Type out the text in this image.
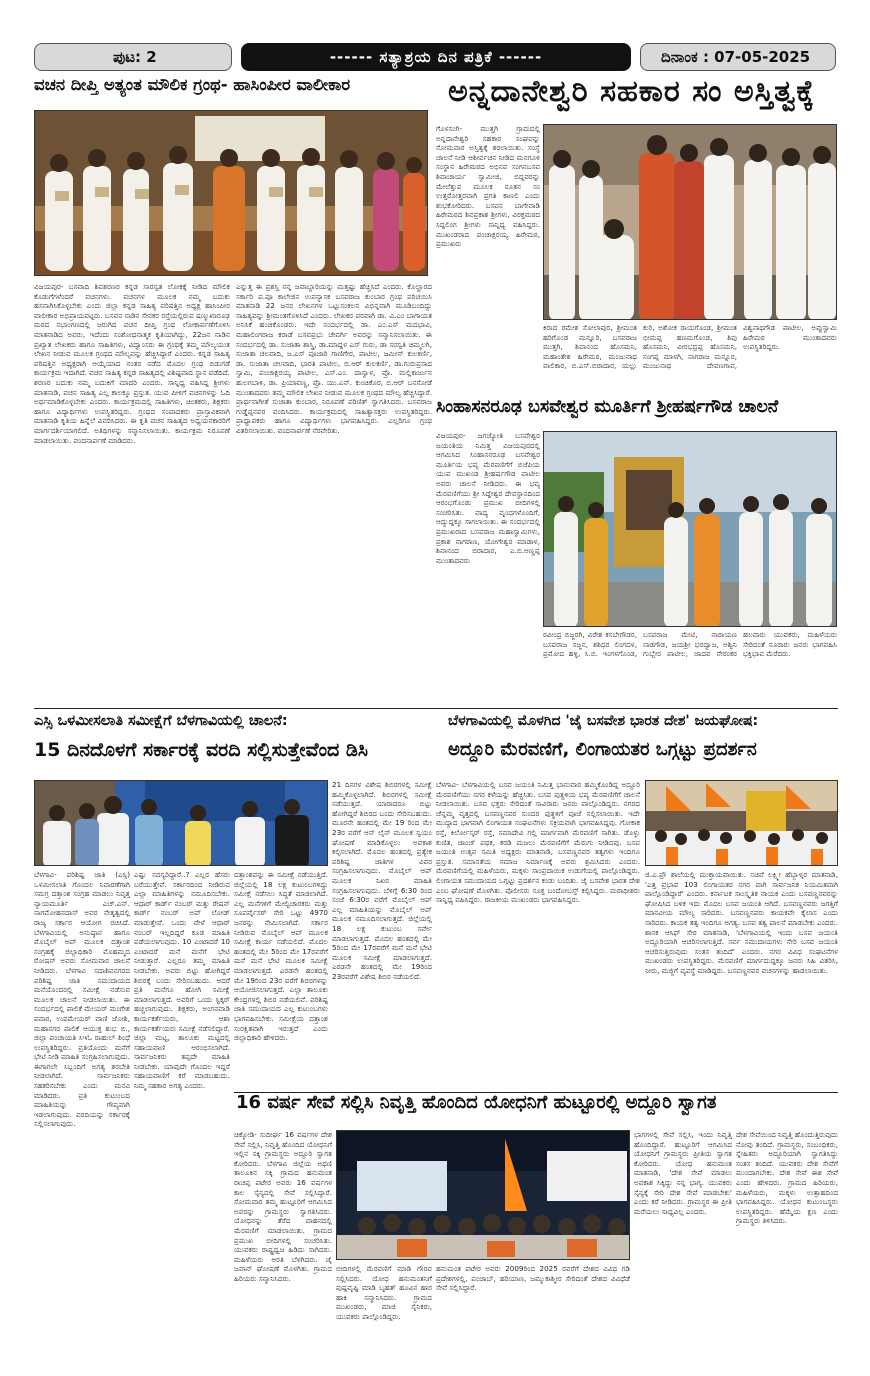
ಪುಟ: 2	------ ಸತ್ಯಾಶ್ರಯ ದಿನ ಪತ್ರಿಕೆ ------	ದಿನಾಂಕ : 07-05-2025
ವಚನ ದೀಪ್ತಿ ಅತ್ಯಂತ ಮೌಲಿಕ ಗ್ರಂಥ- ಹಾಸಿಂಪೀರ ವಾಲೀಕಾರ
ವಿಜಯಪುರ- ಬಸವಾದಿ ಶಿವಶರಣರ ಕನ್ನಡ ಸಾರಸ್ವತ ಲೋಕಕ್ಕೆ ನೀಡಿದ ಮೌಲಿಕ ಕೊಡುಗೆಗಳೆಂದರೆ ವಚನಗಳು. ವಚನಗಳ ಮೂಲಕ ನಮ್ಮ ಬದುಕು ಹಸನಾಗಿಸಿಕೊಳ್ಳಬೇಕು ಎಂದು ಜಿಲ್ಲಾ ಕನ್ನಡ ಸಾಹಿತ್ಯ ಪರಿಷತ್ತಿನ ಅಧ್ಯಕ್ಷ ಹಾಸಿಂಪೀರ ವಾಲೀಕಾರ ಅಭಿಪ್ರಾಯಪಟ್ಟರು. ಬಸವನ ನಾಡಿನ ಸೇನಕರ ರಸ್ತೆಯಲ್ಲಿರುವ ಷಣ್ಮುಖಾರೂಢ ಮಠದ ಸಭಾಂಗಣದಲ್ಲಿ ಜರುಗಿದ ವಚನ ದೀಪ್ತಿ ಗ್ರಂಥ ಲೋಕಾರ್ಪಣೆಗೊಳಿಸಿ ಮಾತನಾಡಿದ ಅವರು, ಇದೆಂದು ಸಂಶೋಧನಾತ್ಮಕ ಕೃತಿಯಾಗಿದ್ದು, 22ಜನ ನಾಡಿನ ಪ್ರಖ್ಯಾತ ಲೇಖಕರು ಹಾಗೂ ಸಾಹಿತಿಗಳು, ವಿದ್ವಾಂಸರು ಈ ಗ್ರಂಥಕ್ಕೆ ತಮ್ಮ ಮೌಲ್ಯಯುತ ಲೇಖನ ನೀಡುವ ಮೂಲಕ ಗ್ರಂಥದ ಮೌಲ್ಯವನ್ನು ಹೆಚ್ಚಿಸಿದ್ದಾರೆ ಎಂದರು. ಕನ್ನಡ ಸಾಹಿತ್ಯ ಪರಿಷತ್ತಿನ ಅಧ್ಯಕ್ಷರಾಗಿ ಆಯ್ಕೆಯಾದ ನಂತರ ನಡೆದ ಮೊದಲ ಗ್ರಂಥ ಬಿಡುಗಡೆ ಕಾರ್ಯಕ್ರಮ ಇದಾಗಿದೆ. ವಚನ ಸಾಹಿತ್ಯ ಕನ್ನಡ ಸಾಹಿತ್ಯದಲ್ಲಿ ವಿಶಿಷ್ಟವಾದ ಸ್ಥಾನ ಪಡೆದಿದೆ. ಶರಣರ ಬದುಕು ನಮ್ಮ ಬದುಕಿಗೆ ಮಾದರಿ ಎಂದರು. ಸಾನ್ನಿಧ್ಯ ವಹಿಸಿದ್ದ ಶ್ರೀಗಳು ಮಾತನಾಡಿ, ವಚನ ಸಾಹಿತ್ಯ ಎಲ್ಲ ಕಾಲಕ್ಕೂ ಪ್ರಸ್ತುತ. ಯುವ ಪೀಳಿಗೆ ವಚನಗಳನ್ನು ಓದಿ ಅರ್ಥಮಾಡಿಕೊಳ್ಳಬೇಕು ಎಂದರು. ಕಾರ್ಯಕ್ರಮದಲ್ಲಿ ಸಾಹಿತಿಗಳು, ಚಿಂತಕರು, ಶಿಕ್ಷಕರು ಹಾಗೂ ವಿದ್ಯಾರ್ಥಿಗಳು ಉಪಸ್ಥಿತರಿದ್ದರು. ಗ್ರಂಥದ ಸಂಪಾದಕರು ಪ್ರಾಸ್ತಾವಿಕವಾಗಿ ಮಾತನಾಡಿ ಕೃತಿಯ ಹಿನ್ನೆಲೆ ವಿವರಿಸಿದರು. ಈ ಕೃತಿ ವಚನ ಸಾಹಿತ್ಯದ ಅಧ್ಯಯನಕಾರರಿಗೆ ಮಾರ್ಗದರ್ಶಿಯಾಗಲಿದೆ. ಅತಿಥಿಗಳನ್ನು ಸನ್ಮಾನಿಸಲಾಯಿತು. ಕಾರ್ಯಕ್ರಮ ನಿರೂಪಣೆ ಮಾಡಲಾಯಿತು. ವಂದನಾರ್ಪಣೆ ಮಾಡಿದರು.
ಎನ್ನುತ್ತ ಈ ಪ್ರಶಸ್ತಿ ನನ್ನ ಜವಾಬ್ದಾರಿಯನ್ನು ಮತ್ತಷ್ಟು ಹೆಚ್ಚಿಸಿದೆ ಎಂದರು. ಕೊಲ್ಹಾರದ ಸರ್ಕಾರಿ ಪ.ಪೂ ಕಾಲೇಜಿನ ಉಪನ್ಯಾಸಕ ಬಸವರಾಜ ಕುಂಬಾರ ಗ್ರಂಥ ಪರಿಚಯಿಸಿ ಮಾತನಾಡಿ 22 ಜನರ ಲೇಖನಗಳ ಒಟ್ಟುಸಂಕಲನ ವಿಭಿನ್ನವಾಗಿ ಮೂಡಿಬಂದಿದ್ದು ಸಾಹಿತ್ಯವನ್ನು ಶ್ರೀಮಂತಗೊಳಿಸಿದೆ ಎಂದರು. ಲೇಖಕರ ಪರವಾಗಿ ಡಾ. ವಿ.ಎಂ ಬಾಗಾಯತ ಅನಿಸಿಕೆ ಹಂಚಿಕೊಂಡರು. ಇದೇ ಸಂದರ್ಭದಲ್ಲಿ ಡಾ. ಎಂ.ಎಸ್ ಮದಭಾವಿ, ಮಹಾಲಿಂಗರಾಜ ಕರಾಡೆ ಬಸವಪ್ರಭು ಜೇವರ್ಗಿ ಅವರನ್ನು ಸನ್ಮಾನಿಸಲಾಯಿತು. ಈ ಸಂದರ್ಭದಲ್ಲಿ ಡಾ. ಸುಜಾತಾ ಶಾಸ್ತ್ರಿ, ಡಾ.ಮಾದ್ದಳ ಎಸ್ ಗುರು, ಡಾ ಸರಸ್ವತಿ ಚಿಮ್ಮಲಗಿ, ಸುಜಾತಾ ಚಲವಾದಿ, ಜ.ಎಸ್ ಪೂಜಾರಿ ಗಾಣಿಗೇರ, ಪಾಟೀಲ, ಜಮೀನ್ ಕುಲಕರ್ಣಿ, ಡಾ. ಸುಜಾತಾ ಚಲವಾದಿ, ಭಾರತಿ ಪಾಟೀಲ, ಬಿ.ಆರ್ ಕುಲಕರ್ಣಿ, ಡಾ.ಗುರುಪ್ರಸಾದ ಸ್ವಾಮಿ, ಪಂಚಾಕ್ಷರಯ್ಯ ಪಾಟೀಲ, ಎಸ್.ಎಂ. ದಾಸ್ವಾಳ, ಪ್ರೊ. ಮಲ್ಲಿಕಾರ್ಜುನ ಹುಲಗಬಾಳಿ, ಡಾ. ಪ್ರಿಯಾವಣ್ಣ, ಪ್ರೊ. ಯು.ಎನ್. ಕುಂಚಿಕೊರ, ಬಿ.ಆರ್ ಬನಸೋಡೆ ಮುಂತಾದವರು ತಮ್ಮ ಮೌಲಿಕ ಲೇಖನ ನೀಡುವ ಮೂಲಕ ಗ್ರಂಥದ ಮೌಲ್ಯ ಹೆಚ್ಚಿಸಿದ್ದಾರೆ. ಪ್ರಾರ್ಥನಾಗೀತೆ ಸುಜಾತಾ ಕುಂಬಾರ, ನಿರೂಪಣೆ ಪರಿಣಿತ್ ಸ್ವಾಗತಿಸಿದರು. ಬಸವರಾಜ ಗುಡ್ಡೆಪ್ಪನವರ ವಂದಿಸಿದರು. ಕಾರ್ಯಕ್ರಮದಲ್ಲಿ ಸಾಹಿತ್ಯಾಸಕ್ತರು ಉಪಸ್ಥಿತರಿದ್ದರು. ಪ್ರಾಧ್ಯಾಪಕರು ಹಾಗೂ ವಿದ್ಯಾರ್ಥಿಗಳು ಭಾಗವಹಿಸಿದ್ದರು. ಎಲ್ಲರಿಗೂ ಗ್ರಂಥ ವಿತರಿಸಲಾಯಿತು. ವಂದನಾರ್ಪಣೆ ನೆರವೇರಿತು.
ಅನ್ನದಾನೇಶ್ವರಿ ಸಹಕಾರ ಸಂ ಅಸ್ತಿತ್ವಕ್ಕೆ
ಗೊಳಸಂಗಿ- ಮುತ್ತಗಿ ಗ್ರಾಮದಲ್ಲಿ ಅನ್ನದಾನೇಶ್ವರಿ ಸಹಕಾರ ಸಂಘವನ್ನು ಸೋಮವಾರ ಅಸ್ತಿತ್ವಕ್ಕೆ ತರಲಾಯಿತು. ಸಂಸ್ಥೆ ಚಾಲನೆ ನೀಡಿ ಆಶೀರ್ವಚನ ನೀಡಿದ ಮನಗೂಳಿ ಸಂಸ್ಥಾನ ಹಿರೇಮಠದ ಅಭಿನವ ಸಂಗನಬಸವ ಶಿವಾಚಾರ್ಯ ಸ್ವಾಮೀಜಿ, ಬಿದ್ದವರನ್ನು ಮೇಲೆತ್ತುವ ಮೂಲಕ ನೂತನ ಸಂ ಉತ್ತರೋತ್ತರವಾಗಿ ಪ್ರಗತಿ ಕಾಣಲಿ ಎಂದು ಶುಭಕೋರಿದರು. ಬಸವನ ಬಾಗೇವಾಡಿ ಹಿರೇಮಠದ ಶಿವಪ್ರಕಾಶ ಶ್ರೀಗಳು, ವಿರಕ್ತಮಠದ ಸಿದ್ದಲಿಂಗ ಶ್ರೀಗಳು ಸಾನ್ನಿಧ್ಯ ವಹಿಸಿದ್ದರು. ಮುಖಂಡರಾದ ಪಂಚಾಕ್ಷರಯ್ಯ ಹಿರೇಮಠ, ಪ್ರಮುಖರು
ಕಿರಾದ ರಮೇಶ ಸೋಲಾಪುರ, ಶ್ರೀಮಂತ ಹರಿಗೊಂಡ ಮನ್ನೂರಿ, ಬಸವರಾಜ ಮುತ್ತಗಿ, ಶಿವಾನಂದ ಹೊಸಮನಿ, ಮಹಾಂತೇಶ ಹಿರೇಮಠ, ಮಂಜುನಾಥ ವಾಲಿಕಾರ, ಬಿ.ಎಸ್.ಬಿರಾದಾರ, ಯಲ್ಲು ಕುರಿ, ಅಶೋಕ ರಾಯಗೊಂಡ, ಶ್ರೀಮಂತ ಭೀಮಪ್ಪ ಹಣಮಗೊಂಡ, ಶಿವು ಹೊಸಮನಿ, ವೀರಭದ್ರಪ್ಪ ಹೊಸಮನಿ, ಸಂಗಪ್ಪ ಮಾಳಗಿ, ನಾಗರಾಜ ಮನ್ನೂರ, ಮಂಜುನಾಥ ದೇವಣಗಾವ, ವಿಶ್ವನಾಥಗೌಡ ಪಾಟೀಲ, ಅಪ್ಪುಸ್ವಾಮಿ ಹಿರೇಮಠ ಮುಂತಾದವರು ಉಪಸ್ಥಿತರಿದ್ದರು.
ಸಿಂಹಾಸನರೂಢ ಬಸವೇಶ್ವರ ಮೂರ್ತಿಗೆ ಶ್ರೀಹರ್ಷಗೌಡ ಚಾಲನೆ
ವಿಜಯಪುರ- ಜಗಜ್ಯೋತಿ ಬಸವೇಶ್ವರ ಜಯಂತಿಯ ನಿಮಿತ್ತ ವಿಜಯಪುರದಲ್ಲಿ ಆಗಮಿಸಿದ ಸಿಂಹಾಸನರೂಢ ಬಸವೇಶ್ವರ ಮೂರ್ತಿಯ ಭವ್ಯ ಮೆರವಣಿಗೆಗೆ ಬಿಜೆಪಿಯ ಯುವ ಮುಖಂಡ ಶ್ರೀಹರ್ಷಗೌಡ ಪಾಟೀಲ ಅವರು ಚಾಲನೆ ನೀಡಿದರು. ಈ ಭವ್ಯ ಮೆರವಣಿಗೆಯು ಶ್ರೀ ಸಿದ್ದೇಶ್ವರ ದೇವಸ್ಥಾನದಿಂದ ಆರಂಭಗೊಂಡು ಪ್ರಮುಖ ಬೀದಿಗಳಲ್ಲಿ ಸಂಚರಿಸಿತು. ವಾದ್ಯ ವೃಂದಗಳೊಂದಿಗೆ, ಆದ್ಯುದ್ದಕ್ಕೂ ಸಾಗಲಾಯಿತು. ಈ ಸಂದರ್ಭದಲ್ಲಿ ಪ್ರಮುಖರಾದ ಬಸವರಾಜ ಮಹಾಸ್ವಾಮಿಗಳು, ಪ್ರಕಾಶ ನಾಗಠಾಣ, ಯೋಗೇಶ್ವರ ಮಾಡಾಳ, ಶಿವಾನಂದ ಬಿರಾದಾರ, ಎ.ಬಿ.ಅಣ್ಣಪ್ಪ ಮುಂತಾದವರು
ರವೀಂದ್ರ ಬಿಜ್ಜರಗಿ, ವಿರೇಶ ಕಸಬೇಗೌಡರ, ಬಸವರಾಜ ಸಜ್ಜನ, ಶಶಿಧರ ಲಿಂಗದಳ, ಪ್ರಮೋದ ಹಳ್ಳಿ, ಸಿ.ಬಿ. ಇಂಗಳಗೊಂಡ, ಬಸವರಾಜ ಮೇಟಿ, ನಾರಾಯಣ ನಾಡಗೌಡ, ಜಯಶ್ರೀ ಭರದ್ವಾಜ, ಅಶ್ವಿನಿ ಗುಬ್ಬೇರ ಪಾಟೀಲ, ಜಾದವ ನೇರಂಕರ ಹಲವಾರು ಯುವಕರು, ಮಹಿಳೆಯರು ಸೇರಿದಂತೆ ನೂರಾರು ಜನರು ಭಾಗವಹಿಸಿ ಭಕ್ತಿಭಾವ ಮೆರೆದರು.
ಎಸ್ಸಿ ಒಳಮೀಸಲಾತಿ ಸಮೀಕ್ಷೆಗೆ ಬೆಳಗಾವಿಯಲ್ಲಿ ಚಾಲನೆ:
15 ದಿನದೊಳಗೆ ಸರ್ಕಾರಕ್ಕೆ ವರದಿ ಸಲ್ಲಿಸುತ್ತೇವೆಂದ ಡಿಸಿ
21 ದಿನಗಳ ವಿಶೇಷ ಶಿಬಿರಗಳಲ್ಲಿ ಸಮೀಕ್ಷೆ ಹಮ್ಮಿಕೊಳ್ಳಲಾಗಿದೆ. ಶಿಬಿರಗಳಲ್ಲಿ ಸಮೀಕ್ಷೆ ನಡೆಯುತ್ತದೆ. ಯಾರಾದರೂ ಬಿಟ್ಟು ಹೋಗಿದ್ದರೆ ಶಿಬಿರದ ಬಂದು ಸೇರಿಸಬಹುದು. ಮೂರನೇ ಹಂತದಲ್ಲಿ ಮೇ 19 ರಿಂದ ಮೇ 23ರ ವರೆಗೆ ಆನ್ ಲೈನ್ ಮೂಲಕ ಸ್ವಯಂ ಘೋಷಣೆ ಮಾಡಿಕೊಳ್ಳಲು ಅವಕಾಶ ಕಲ್ಪಿಸಲಾಗಿದೆ. ಮೊದಲ ಹಂತದಲ್ಲಿ ಪ್ರತ್ಯೇಕ ಪರಿಶಿಷ್ಟ ಜಾತಿಗಳ ವಿವರ ಸಂಗ್ರಹಿಸಲಾಗುವುದು. ಮೊಬೈಲ್ ಆಪ್ ಮೂಲಕ ನಿಖರ ಮಾಹಿತಿ ಸಂಗ್ರಹಿಸಲಾಗುವುದು. ಬೆಳಿಗ್ಗೆ 6:30 ರಿಂದ ಸಂಜೆ 6:30ರ ವರೆಗೆ ಮೊಬೈಲ್ ಆಪ್ ಎಲ್ಲ ಮಾಹಿತಿಯನ್ನು ಮೊಬೈಲ್ ಆಪ್ ಮೂಲಕ ನಮೂದಿಸಲಾಗುತ್ತದೆ. ಜಿಲ್ಲೆಯಲ್ಲಿ 18 ಲಕ್ಷ ಕುಟುಂಬ ಸರ್ವೇ ಮಾಡಲಾಗುತ್ತದೆ. ಮೊದಲ ಹಂತದಲ್ಲಿ ಮೇ 5ರಿಂದ ಮೇ 17ರವರೆಗೆ ಮನೆ ಮನೆ ಭೇಟಿ ಮೂಲಕ ಸಮೀಕ್ಷೆ ಮಾಡಲಾಗುತ್ತದೆ. ಎರಡನೇ ಹಂತದಲ್ಲಿ ಮೇ 19ರಿಂದ 23ರವರೆಗೆ ವಿಶೇಷ ಶಿಬಿರ ನಡೆಯಲಿದೆ.
ಬೆಳಗಾವಿ- ಪರಿಶಿಷ್ಟ ಜಾತಿ (ಎಸ್ಸಿ) ಒಳಮೀಸಲಾತಿ ಗೊಂದಲ ನಿವಾರಣೆಗಾಗಿ ಸಮಗ್ರ ದತ್ತಾಂಶ ಸಂಗ್ರಹ ಮಾಡಲು ನಿವೃತ್ತ ನ್ಯಾಯಮೂರ್ತಿ ಎಚ್.ಎನ್. ನಾಗಮೋಹನದಾಸ್ ಅವರ ನೇತೃತ್ವದಲ್ಲಿ ರಾಜ್ಯ ಸರ್ಕಾರ ಆಯೋಗ ರಚಿಸಿದೆ. ಬೆಳಗಾವಿಯಲ್ಲಿ ಅನುಷ್ಠಾನ ಹಾಗೂ ಮೊಬೈಲ್ ಆಪ್ ಮೂಲಕ ದತ್ತಾಂಶ ಸಂಗ್ರಹಕ್ಕೆ ಜಿಲ್ಲಾಧಿಕಾರಿ ಮೊಹಮ್ಮದ ರೋಷನ್ ಅವರು ಸೋಮವಾರ ಚಾಲನೆ ನೀಡಿದರು. ಬೆಳಗಾವಿ ಸದಾಶಿವನಗರದ ಪರಿಶಿಷ್ಟ ಜಾತಿ ಸಮುದಾಯದ ಮನೆಯೊಂದರಲ್ಲಿ ಸಮೀಕ್ಷೆ ನಡೆಸುವ ಮೂಲಕ ಚಾಲನೆ ನೀಡಲಾಯಿತು. ಈ ಸಂದರ್ಭದಲ್ಲಿ ಪಾಲಿಕೆ ಮೇಯರ್ ಮಂಗೇಶ ಪವಾರ, ಉಪಮೇಯರ್ ವಾಣಿ ಜೋಶಿ, ಮಹಾನಗರ ಪಾಲಿಕೆ ಆಯುಕ್ತ ಶುಭ ಬಿ., ಜಿಲ್ಲಾ ಪಂಚಾಯತಿ ಸಿಇಓ ರಾಹುಲ್ ಶಿಂಧೆ ಉಪಸ್ಥಿತರಿದ್ದರು. ಪ್ರತಿಯೊಂದು ಮನೆಗೆ ಭೇಟಿ ನೀಡಿ ಮಾಹಿತಿ ಸಂಗ್ರಹಿಸಲಾಗುವುದು. ಈಗಾಗಲೇ ಸಿಬ್ಬಂದಿಗೆ ಅಗತ್ಯ ತರಬೇತಿ ನೀಡಲಾಗಿದೆ. ಸಾರ್ವಜನಿಕರು ಸಹಕರಿಸಬೇಕು ಎಂದು ಮನವಿ ಮಾಡಿದರು. ಪ್ರತಿ ಕುಟುಂಬದ ಮಾಹಿತಿಯನ್ನು ಗೌಪ್ಯವಾಗಿ ಇಡಲಾಗುವುದು. ವರದಿಯನ್ನು ಸರ್ಕಾರಕ್ಕೆ ಸಲ್ಲಿಸಲಾಗುವುದು.
ಎಷ್ಟು ಸದಸ್ಯರಿದ್ದಾರೆ..? ಎಲ್ಲರ ಹೆಸರು ಬರೆಯುತ್ತೇವೆ. ಸರ್ಕಾರದಿಂದ ನೀಡಿರುವ ಎಲ್ಲಾ ಮಾಹಿತಿಗಳನ್ನು ನಮೂದಿಸಬೇಕು. ಆಧಾರ್ ಕಾರ್ಡ್ ನಂಬರ್ ಮತ್ತು ರೇಷನ್ ಕಾರ್ಡ್ ನಂಬರ್ ಅಪ್ ಲೋಡ್ ಮಾಡುತ್ತೇವೆ. ಒಂದು ವೇಳೆ ಆಧಾರ್ ನಂಬರ್ ಇಲ್ಲದಿದ್ದರೆ ಕೂಡ ಮಾಹಿತಿ ಪಡೆಯಲಾಗುವುದು. 10 ಎಂಟಾದರೆ 10 ಎಂಟಾದರೆ ಮನೆ ಮನೆಗೆ ಭೇಟಿ ನೀಡುತ್ತಾರೆ. ಎಲ್ಲರೂ ತಮ್ಮ ಮಾಹಿತಿ ನೀಡಬೇಕು. ಅವರು ಬಿಟ್ಟು ಹೋಗಿದ್ದರೆ ಶಿಬಿರಕ್ಕೆ ಬಂದು ಸೇರಿಸಬಹುದು. ಆದರೆ ಪ್ರತಿ ಮನೆಗೂ ಹೋಗಿ ಸಮೀಕ್ಷೆ ಮಾಡಲಾಗುತ್ತದೆ. ಅವರಿಗೆ ಒಂದು ಸ್ಟಿಕ್ಕರ್ ಹಚ್ಚಲಾಗುವುದು. ಶಿಕ್ಷಕರು, ಅಂಗನವಾಡಿ ಕಾರ್ಯಕರ್ತೆಯರು, ಆಶಾ ಕಾರ್ಯಕರ್ತೆಯರು ಸಮೀಕ್ಷೆ ನಡೆಸಲಿದ್ದಾರೆ. ಜಿಲ್ಲಾ ಮಟ್ಟ, ತಾಲೂಕು ಮಟ್ಟದಲ್ಲಿ ಸಹಾಯವಾಣಿ ಆರಂಭಿಸಲಾಗಿದೆ. ಸಾರ್ವಜನಿಕರು ತಪ್ಪದೇ ಮಾಹಿತಿ ನೀಡಬೇಕು. ಯಾವುದೇ ಗೊಂದಲ ಇದ್ದರೆ ಸಹಾಯವಾಣಿಗೆ ಕರೆ ಮಾಡಬಹುದು. ನಿಮ್ಮ ಸಹಕಾರ ಅಗತ್ಯ ಎಂದರು.
ದತ್ತಾಂಶವನ್ನು ಈ ಸಮೀಕ್ಷೆ ನಡೆಯುತ್ತಿದೆ. ಜಿಲ್ಲೆಯಲ್ಲಿ 18 ಲಕ್ಷ ಕುಟುಂಬಗಳಿದ್ದು ಸಮೀಕ್ಷೆ ನಡೆಸಲು ಸಿದ್ಧತೆ ಮಾಡಲಾಗಿದೆ. ಎಲ್ಲ ಮನೆಗಳಿಗೆ ಮೇಲ್ವಿಚಾರಕರು ಮತ್ತು ಸೂಪರ್ವೈಸರ್ ಸೇರಿ ಒಟ್ಟು 4970 ಜನರನ್ನು ನೇಮಿಸಲಾಗಿದೆ. ಸರ್ಕಾರ ನೀಡಿರುವ ಮೊಬೈಲ್ ಆಪ್ ಮೂಲಕ ಸಮೀಕ್ಷೆ ಕಾರ್ಯ ನಡೆಯಲಿದೆ. ಮೊದಲ ಹಂತದಲ್ಲಿ ಮೇ 5ರಿಂದ ಮೇ 17ರವರೆಗೆ ಮನೆ ಮನೆ ಭೇಟಿ ಮೂಲಕ ಸಮೀಕ್ಷೆ ಮಾಡಲಾಗುತ್ತದೆ. ಎರಡನೇ ಹಂತದಲ್ಲಿ ಮೇ 19ರಿಂದ 23ರ ವರೆಗೆ ಶಿಬಿರಗಳನ್ನು ಆಯೋಜಿಸಲಾಗುತ್ತದೆ. ಎಲ್ಲಾ ತಾಲೂಕು ಕೇಂದ್ರಗಳಲ್ಲಿ ಶಿಬಿರ ನಡೆಯಲಿವೆ. ಪರಿಶಿಷ್ಟ ಜಾತಿ ಸಮುದಾಯದ ಎಲ್ಲ ಕುಟುಂಬಗಳು ಭಾಗವಹಿಸಬೇಕು. ಸಮೀಕ್ಷೆಯ ದತ್ತಾಂಶ ಸುರಕ್ಷಿತವಾಗಿ ಇರುತ್ತದೆ ಎಂದು ಜಿಲ್ಲಾಧಿಕಾರಿ ಹೇಳಿದರು.
ಬೆಳಗಾವಿಯಲ್ಲಿ ಮೊಳಗಿದ 'ಜೈ ಬಸವೇಶ ಭಾರತ ದೇಶ' ಜಯಘೋಷ:
ಅದ್ದೂರಿ ಮೆರವಣಿಗೆ, ಲಿಂಗಾಯತರ ಒಗ್ಗಟ್ಟು ಪ್ರದರ್ಶನ
ಬೆಳಗಾವಿ- ಬೆಳಗಾವಿಯಲ್ಲಿ ಬಸವ ಜಯಂತಿ ನಿಮಿತ್ತ ಭಾನುವಾರ ಹಮ್ಮಿಕೊಂಡಿದ್ದ ಅದ್ದೂರಿ ಮೆರವಣಿಗೆಯು ನಗರ ಕಳೆಯನ್ನು ಹೆಚ್ಚಿಸಿತು. ಬಸವ ಪುತ್ಥಳಿಯ ಭವ್ಯ ಮೆರವಣಿಗೆಗೆ ಚಾಲನೆ ನೀಡಲಾಯಿತು. ಬಸವ ಭಕ್ತರು ಸೇರಿದಂತೆ ಸಾವಿರಾರು ಜನರು ಪಾಲ್ಗೊಂಡಿದ್ದರು. ನಗರದ ಚೆನ್ನಮ್ಮ ವೃತ್ತದಲ್ಲಿ ಬಸವಣ್ಣನವರ ಸುಂದರ ಪುತ್ಥಳಿಗೆ ಪೂಜೆ ಸಲ್ಲಿಸಲಾಯಿತು. ಇದೇ ಮುದ್ದಾದ ಭಾಗವಾಗಿ ಲಿಂಗಾಯತ ಸಂಘಟನೆಗಳು ಸಕ್ರಿಯವಾಗಿ ಭಾಗವಹಿಸಿದ್ದವು. ಗೋಕಾಕ ರಸ್ತೆ, ಕಿರ್ಲೋಸ್ಕರ್ ರಸ್ತೆ, ಸಮಾದೇವಿ ಗಲ್ಲಿ ಮಾರ್ಗವಾಗಿ ಮೆರವಣಿಗೆ ಸಾಗಿತು. ಡೊಳ್ಳು ಕುಣಿತ, ಜಾಂಜ್ ಪಥಕ, ಕರಡಿ ಮಜಲು ಮೆರವಣಿಗೆಗೆ ಮೆರುಗು ನೀಡಿದವು. ಬಸವ ಜಯಂತಿ ಉತ್ಸವ ಸಮಿತಿ ಅಧ್ಯಕ್ಷರು ಮಾತನಾಡಿ, ಬಸವಣ್ಣನವರ ತತ್ವಗಳು ಇಂದಿಗೂ ಪ್ರಸ್ತುತ. ಸಮಾನತೆಯ ಸಮಾಜ ನಿರ್ಮಾಣಕ್ಕೆ ಅವರು ಶ್ರಮಿಸಿದರು ಎಂದರು. ಮೆರವಣಿಗೆಯಲ್ಲಿ ಮಹಿಳೆಯರು, ಮಕ್ಕಳು ಸಾಂಪ್ರದಾಯಿಕ ಉಡುಗೆಯಲ್ಲಿ ಪಾಲ್ಗೊಂಡಿದ್ದರು. ಲಿಂಗಾಯತ ಸಮುದಾಯದ ಒಗ್ಗಟ್ಟು ಪ್ರದರ್ಶನ ಕಂಡು ಬಂದಿತು. ಜೈ ಬಸವೇಶ ಭಾರತ ದೇಶ ಎಂಬ ಘೋಷಣೆ ಮೊಳಗಿತು. ಪೊಲೀಸರು ಸೂಕ್ತ ಬಂದೋಬಸ್ತ್ ಕಲ್ಪಿಸಿದ್ದರು. ಮಠಾಧೀಶರು ಸಾನ್ನಿಧ್ಯ ವಹಿಸಿದ್ದರು. ರಾಜಕೀಯ ಮುಖಂಡರು ಭಾಗವಹಿಸಿದ್ದರು.
ಜಿ.ಎ.ಪ್ರೌ ಶಾಲೆಯಲ್ಲಿ ಮುಕ್ತಾಯವಾಯಿತು. ಸಚಿವೆ ಲಕ್ಷ್ಮೀ ಹೆಬ್ಬಾಳ್ಕರ ಮಾತನಾಡಿ, 'ಎತ್ತ ಪ್ರಭಾವ 103 ಲಿಂಗಾಯತರ ನಗರ ವಾಗಿ ಸಾರ್ವಜನಿಕ ನಿಯಮಿತವಾಗಿ ಪಾಲ್ಗೊಂಡಿದ್ದಾರೆ' ಎಂದರು. ಕರ್ನಾಟಕ ಸಾಂಸ್ಕೃತಿಕ ನಾಯಕ ಎಂದು ಬಸವಣ್ಣನವರನ್ನು ಘೋಷಿಸಿದ ಬಳಿಕ ಇದು ಮೊದಲ ಬಸವ ಜಯಂತಿ ಆಗಿದೆ. ಬಸವಣ್ಣನವರು ಜಗತ್ತಿಗೆ ಮಾನವೀಯ ಮೌಲ್ಯ ಸಾರಿದರು. ಬಸವಣ್ಣನವರು ಕಾಯಕವೇ ಕೈಲಾಸ ಎಂದು ಸಾರಿದರು. ಕಾಯಕ ತತ್ವ ಇಂದಿಗೂ ಅಗತ್ಯ. ಬಸವ ತತ್ವ ಪಾಲನೆ ಮಾಡಬೇಕು ಎಂದರು. ಶಾಸಕ ಆಸಿಫ್ ಸೇಠ ಮಾತನಾಡಿ, 'ಬೆಳಗಾವಿಯಲ್ಲಿ ಇಂದು ಬಸವ ಜಯಂತಿ ಅದ್ದೂರಿಯಾಗಿ ಆಚರಿಸಲಾಗುತ್ತಿದೆ. ಸರ್ವ ಸಮುದಾಯಗಳು ಸೇರಿ ಬಸವ ಜಯಂತಿ ಆಚರಿಸುತ್ತಿರುವುದು ಸಂತಸ ತಂದಿದೆ' ಎಂದರು. ನಗರ ವಿವಿಧ ಸಂಘಟನೆಗಳ ಮುಖಂಡರು ಉಪಸ್ಥಿತರಿದ್ದರು. ಮೆರವಣಿಗೆ ಮಾರ್ಗದುದ್ದಕ್ಕೂ ಜನರು ಸಿಹಿ ವಿತರಿಸಿ, ನೀರು, ಮಜ್ಜಿಗೆ ವ್ಯವಸ್ಥೆ ಮಾಡಿದ್ದರು. ಬಸವಣ್ಣನವರ ವಚನಗಳನ್ನು ಹಾಡಲಾಯಿತು.
16 ವರ್ಷ ಸೇವೆ ಸಲ್ಲಿಸಿ ನಿವೃತ್ತಿ ಹೊಂದಿದ ಯೋಧನಿಗೆ ಹುಟ್ಟೂರಲ್ಲಿ ಅದ್ದೂರಿ ಸ್ವಾಗತ
ಚಿಕ್ಕೋಡಿ- ಸುದೀರ್ಘ 16 ವರ್ಷಗಳ ದೇಶ ಸೇವೆ ಸಲ್ಲಿಸಿ, ನಿವೃತ್ತಿ ಹೊಂದಿದ ಯೋಧನಿಗೆ ಇಲ್ಲಿನ ಸಕ್ಕಿ ಗ್ರಾಮಸ್ಥರು ಅದ್ದೂರಿ ಸ್ವಾಗತ ಕೋರಿದರು. ಬೆಳಗಾವಿ ಜಿಲ್ಲೆಯ ಅಥಣಿ ತಾಲೂಕಿನ ಸಕ್ಕಿ ಗ್ರಾಮದ ಹನುಮಂತ ರಾಚಪ್ಪ ಪಟೇರ ಅವರು 16 ವರ್ಷಗಳ ಕಾಲ ಸೈನ್ಯದಲ್ಲಿ ಸೇವೆ ಸಲ್ಲಿಸಿದ್ದಾರೆ. ಸೋಮವಾರ ತಮ್ಮ ಹುಟ್ಟೂರಿಗೆ ಆಗಮಿಸಿದ ಅವರನ್ನು ಗ್ರಾಮಸ್ಥರು ಸ್ವಾಗತಿಸಿದರು. ಯೋಧನನ್ನು ತೆರೆದ ವಾಹನದಲ್ಲಿ ಮೆರವಣಿಗೆ ಮಾಡಲಾಯಿತು. ಗ್ರಾಮದ ಪ್ರಮುಖ ಬೀದಿಗಳಲ್ಲಿ ಸಂಚರಿಸಿತು. ಯುವಕರು ರಾಷ್ಟ್ರಧ್ವಜ ಹಿಡಿದು ಸಾಗಿದರು. ಮಹಿಳೆಯರು ಆರತಿ ಬೆಳಗಿದರು. ಜೈ ಜವಾನ್ ಘೋಷಣೆ ಮೊಳಗಿತು. ಗ್ರಾಮದ ಹಿರಿಯರು ಸನ್ಮಾನಿಸಿದರು.
ಬೀದಿಗಳಲ್ಲಿ ಮೆರವಣಿಗೆ ಮಾಡಿ ಗೌರವ ಸಲ್ಲಿಸಿದರು. ಯೋಧ ಹನುಮಂತನಿಗೆ ಪುಷ್ಪವೃಷ್ಟಿ ಮಾಡಿ ಬೃಹತ್ ಹೂವಿನ ಹಾರ ಹಾಕಿ ಸನ್ಮಾನಿಸಿದರು. ಗ್ರಾಮದ ಮುಖಂಡರು, ಮಾಜಿ ಸೈನಿಕರು, ಯುವಕರು ಪಾಲ್ಗೊಂಡಿದ್ದರು.
ಹನುಮಂತ ಪಟೇರ ಅವರು 2009ರಿಂದ 2025 ರವರೆಗೆ ದೇಶದ ವಿವಿಧ ಗಡಿ ಪ್ರದೇಶಗಳಲ್ಲಿ, ಪಂಜಾಬ್, ಹರಿಯಾಣ, ಜಮ್ಮುಕಾಶ್ಮೀರ ಸೇರಿದಂತೆ ದೇಶದ ವಿವಿಧೆಡೆ ಸೇವೆ ಸಲ್ಲಿಸಿದ್ದಾರೆ.
ಭಾಗಗಳಲ್ಲಿ ಸೇವೆ ಸಲ್ಲಿಸಿ, ಇಂದು ನಿವೃತ್ತಿ ಹೊಂದಿದ್ದಾರೆ. ಹುಟ್ಟೂರಿಗೆ ಆಗಮಿಸಿದ ಯೋಧನಿಗೆ ಗ್ರಾಮಸ್ಥರು ಪ್ರೀತಿಯ ಸ್ವಾಗತ ಕೋರಿದರು. ಯೋಧ ಹನುಮಂತ ಮಾತನಾಡಿ, 'ದೇಶ ಸೇವೆ ಮಾಡಲು ಅವಕಾಶ ಸಿಕ್ಕಿದ್ದು ನನ್ನ ಭಾಗ್ಯ. ಯುವಕರು ಸೈನ್ಯಕ್ಕೆ ಸೇರಿ ದೇಶ ಸೇವೆ ಮಾಡಬೇಕು' ಎಂದು ಕರೆ ನೀಡಿದರು. ಗ್ರಾಮಸ್ಥರ ಈ ಪ್ರೀತಿ ಮರೆಯಲು ಸಾಧ್ಯವಿಲ್ಲ ಎಂದರು.
ದೇಶ ಸೇವೆಯಿಂದ ನಿವೃತ್ತಿ ಹೊಂದುತ್ತಿರುವುದು ನೋವು ತಂದಿದೆ. ಗ್ರಾಮಸ್ಥರು, ಸಂಬಂಧಿಕರು, ಸ್ನೇಹಿತರು ಅದ್ದೂರಿಯಾಗಿ ಸ್ವಾಗತಿಸಿದ್ದು ಸಂತಸ ತಂದಿದೆ. ಯುವಕರು ದೇಶ ಸೇವೆಗೆ ಮುಂದಾಗಬೇಕು. ದೇಶ ಸೇವೆ ಈಶ ಸೇವೆ ಎಂದು ಹೇಳಿದರು. ಗ್ರಾಮದ ಹಿರಿಯರು, ಮಹಿಳೆಯರು, ಮಕ್ಕಳು ಉತ್ಸಾಹದಿಂದ ಭಾಗವಹಿಸಿದ್ದರು. ಯೋಧನ ಕುಟುಂಬಸ್ಥರು ಉಪಸ್ಥಿತರಿದ್ದರು. ಹೆಮ್ಮೆಯ ಕ್ಷಣ ಎಂದು ಗ್ರಾಮಸ್ಥರು ತಿಳಿಸಿದರು.
